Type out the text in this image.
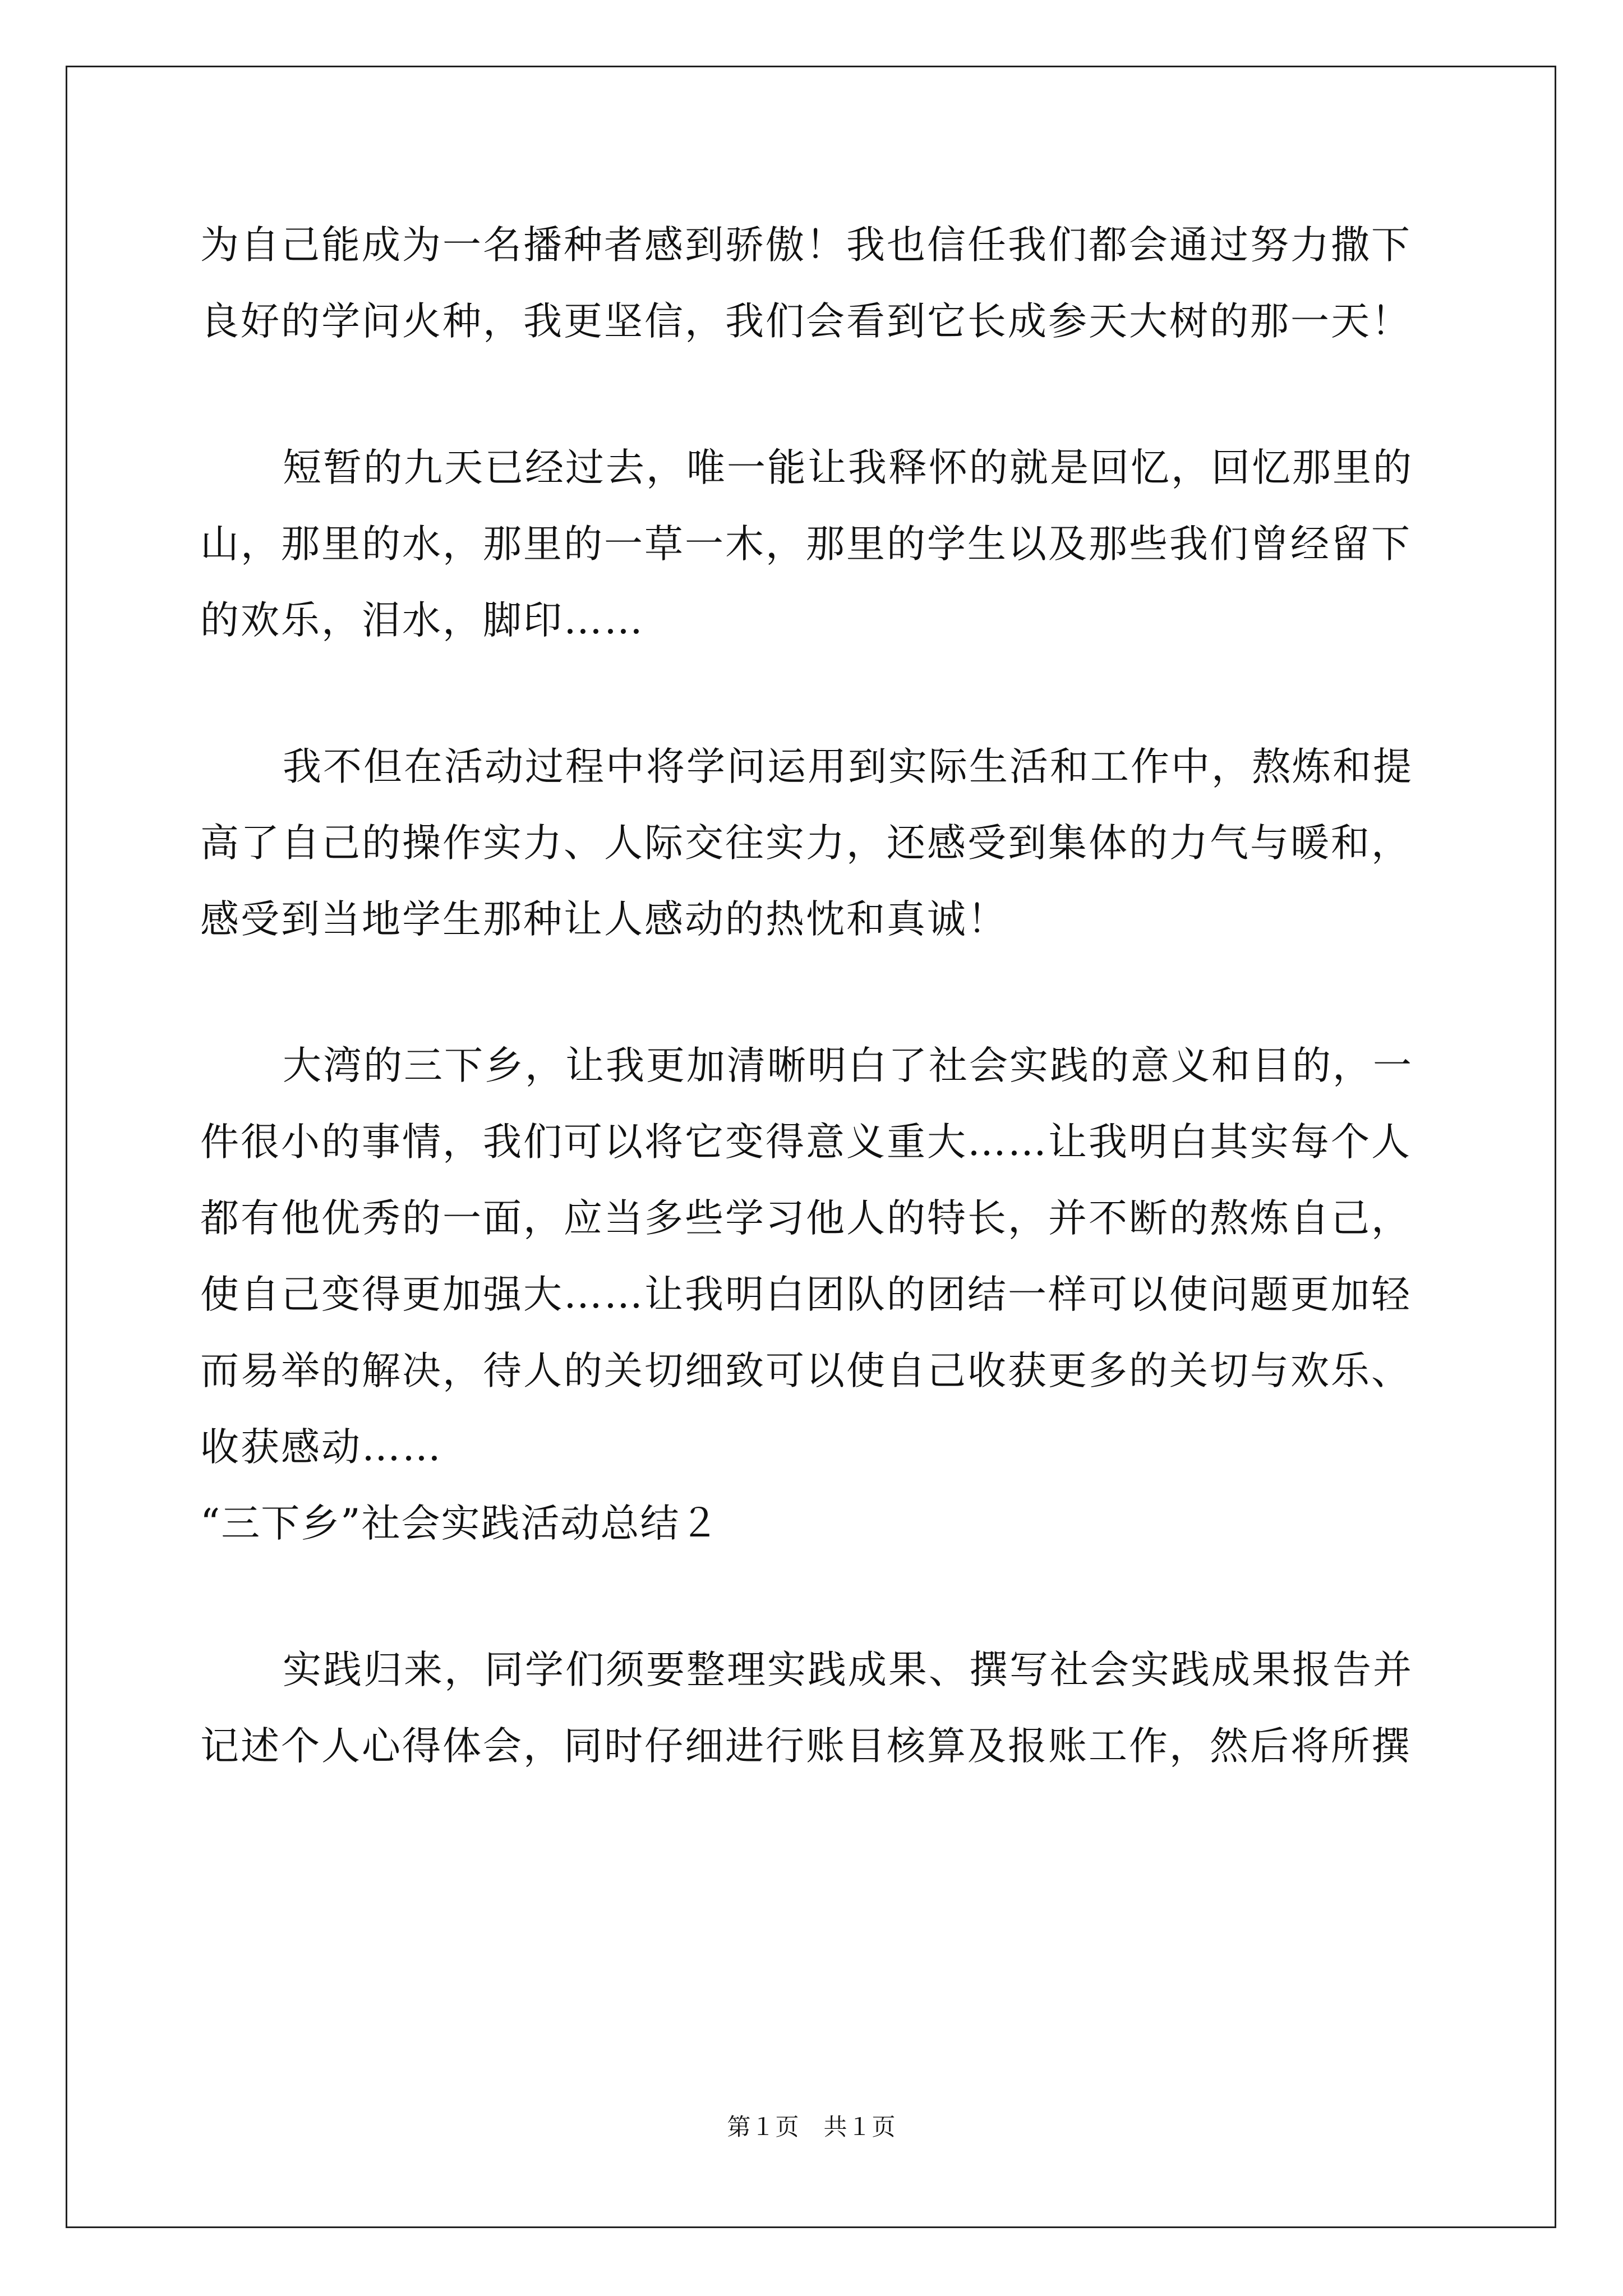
为自己能成为一名播种者感到骄傲！我也信任我们都会通过努力撒下
良好的学问火种，我更坚信，我们会看到它长成参天大树的那一天！
短暂的九天已经过去，唯一能让我释怀的就是回忆，回忆那里的
山，那里的水，那里的一草一木，那里的学生以及那些我们曾经留下
的欢乐，泪水，脚印……
我不但在活动过程中将学问运用到实际生活和工作中，熬炼和提
高了自己的操作实力、人际交往实力，还感受到集体的力气与暖和，
感受到当地学生那种让人感动的热忱和真诚！
大湾的三下乡，让我更加清晰明白了社会实践的意义和目的，一
件很小的事情，我们可以将它变得意义重大……让我明白其实每个人
都有他优秀的一面，应当多些学习他人的特长，并不断的熬炼自己，
使自己变得更加强大……让我明白团队的团结一样可以使问题更加轻
而易举的解决，待人的关切细致可以使自己收获更多的关切与欢乐、
收获感动……
“三下乡”社会实践活动总结２
实践归来，同学们须要整理实践成果、撰写社会实践成果报告并
记述个人心得体会，同时仔细进行账目核算及报账工作，然后将所撰
第１页　共１页
